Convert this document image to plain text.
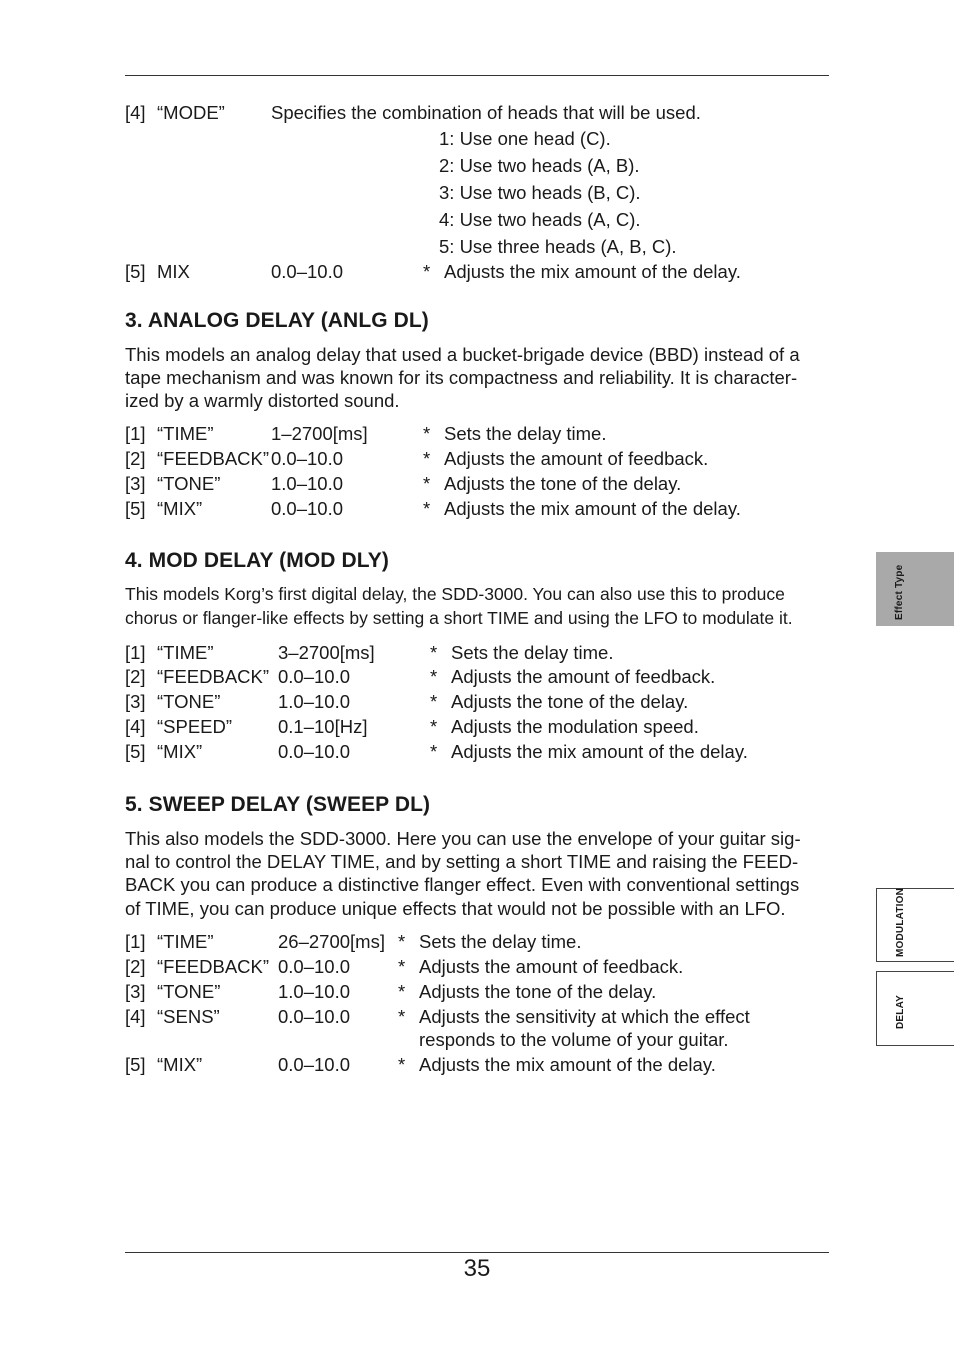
[4] “MODE” Specifies the combination of heads that will be used.
1: Use one head (C).
2: Use two heads (A, B).
3: Use two heads (B, C).
4: Use two heads (A, C).
5: Use three heads (A, B, C).
[5] MIX	0.0–10.0	* Adjusts the mix amount of the delay.
3. ANALOG DELAY (ANLG DL)
This models an analog delay that used a bucket-brigade device (BBD) instead of a
tape mechanism and was known for its compactness and reliability. It is character-
ized by a warmly distorted sound.
[1] “TIME”	1–2700[ms]	* Sets the delay time.
[2] “FEEDBACK” 0.0–10.0	* Adjusts the amount of feedback.
[3] “TONE”	1.0–10.0	* Adjusts the tone of the delay.
[5] “MIX”	0.0–10.0	* Adjusts the mix amount of the delay.
4. MOD DELAY (MOD DLY)
This models Korg’s first digital delay, the SDD-3000. You can also use this to produce
chorus or flanger-like effects by setting a short TIME and using the LFO to modulate it.
[1] “TIME”	3–2700[ms]	* Sets the delay time.
[2] “FEEDBACK” 0.0–10.0	* Adjusts the amount of feedback.
[3] “TONE”	1.0–10.0	* Adjusts the tone of the delay.
[4] “SPEED” 0.1–10[Hz]	* Adjusts the modulation speed.
[5] “MIX”	0.0–10.0	* Adjusts the mix amount of the delay.
5. SWEEP DELAY (SWEEP DL)
This also models the SDD-3000. Here you can use the envelope of your guitar sig-
nal to control the DELAY TIME, and by setting a short TIME and raising the FEED-
BACK you can produce a distinctive flanger effect. Even with conventional settings
of TIME, you can produce unique effects that would not be possible with an LFO.
[1] “TIME”	26–2700[ms] * Sets the delay time.
[2] “FEEDBACK” 0.0–10.0	* Adjusts the amount of feedback.
[3] “TONE”	1.0–10.0	* Adjusts the tone of the delay.
[4] “SENS”	0.0–10.0	* Adjusts the sensitivity at which the effect
responds to the volume of your guitar.
[5] “MIX”	0.0–10.0	* Adjusts the mix amount of the delay.
35
Effect Type
MODULATION
DELAY
